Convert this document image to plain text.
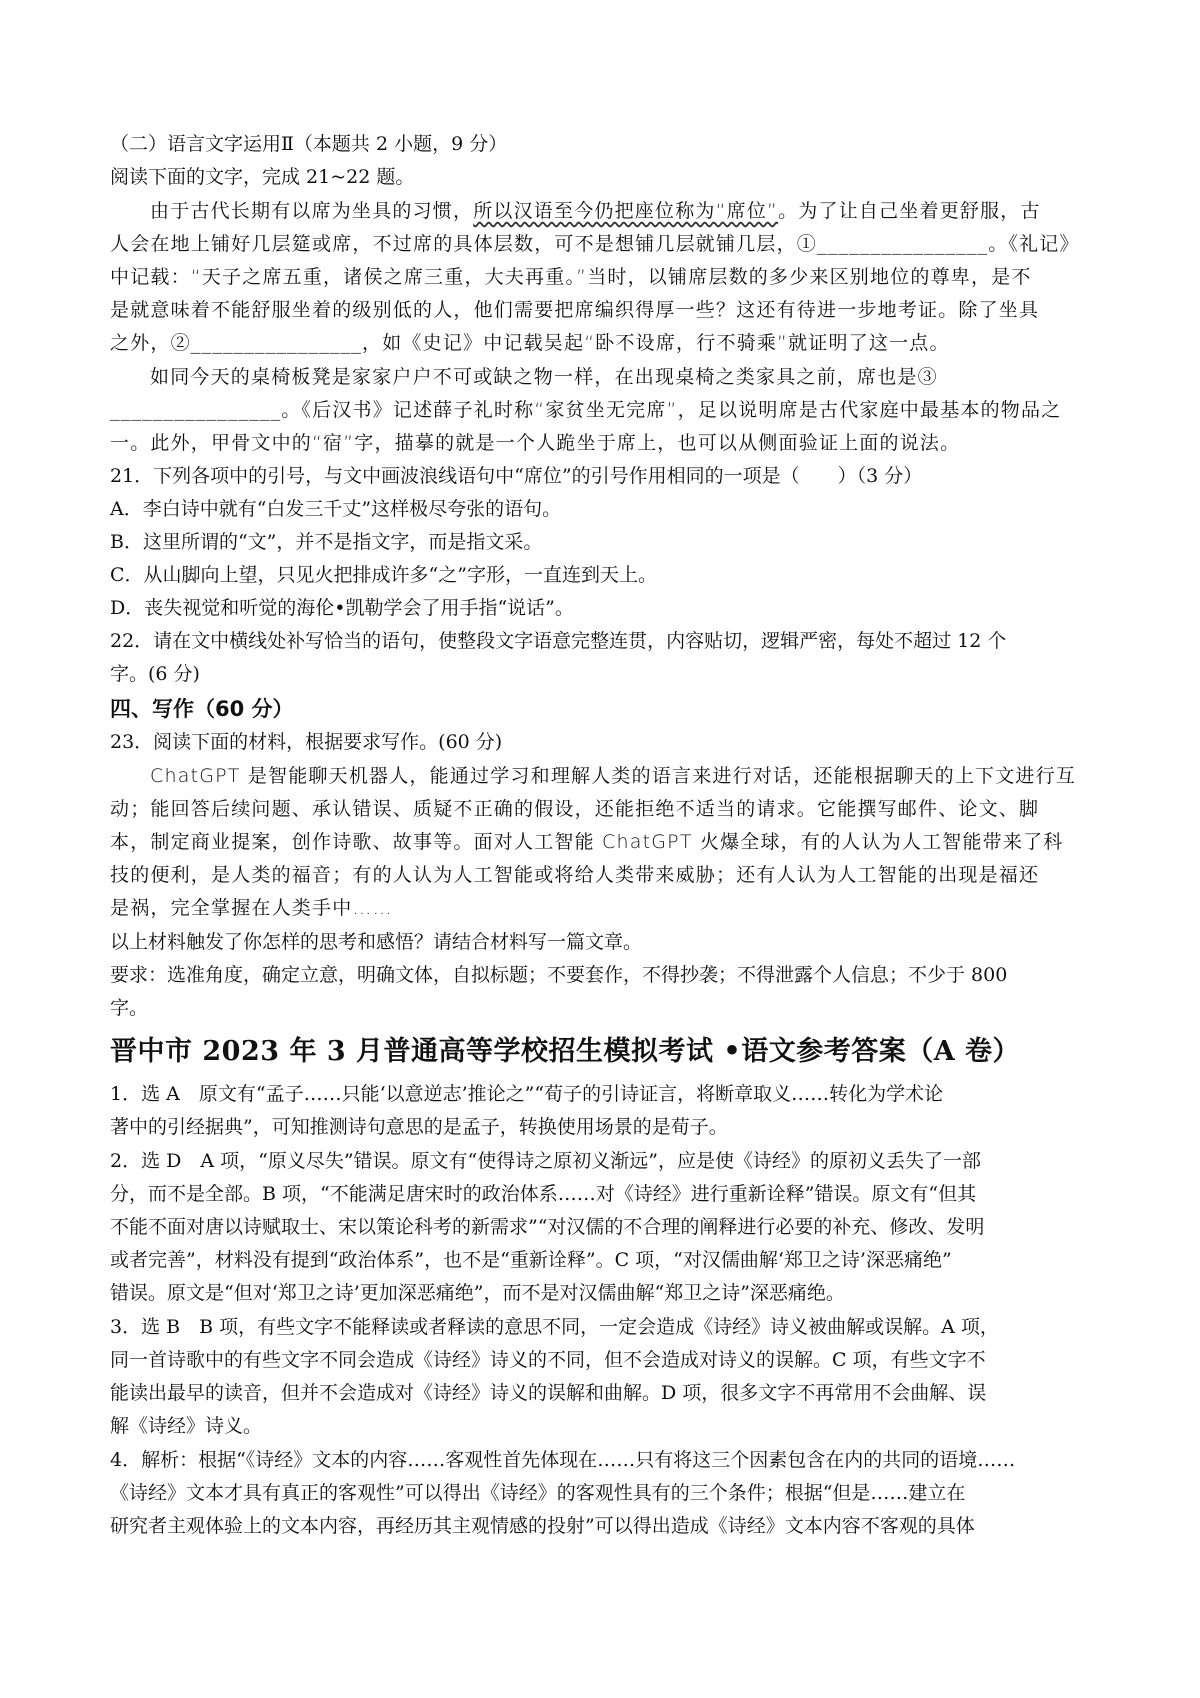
（二）语言文字运用Ⅱ（本题共 2 小题，9 分）
阅读下面的文字，完成 21~22 题。
由于古代长期有以席为坐具的习惯，所以汉语至今仍把座位称为“席位”。为了让自己坐着更舒服，古
人会在地上铺好几层筵或席，不过席的具体层数，可不是想铺几层就铺几层，①________________。《礼记》
中记载：“天子之席五重，诸侯之席三重，大夫再重。”当时，以铺席层数的多少来区别地位的尊卑，是不
是就意味着不能舒服坐着的级别低的人，他们需要把席编织得厚一些？这还有待进一步地考证。除了坐具
之外，②________________，如《史记》中记载吴起“卧不设席，行不骑乘”就证明了这一点。
如同今天的桌椅板凳是家家户户不可或缺之物一样，在出现桌椅之类家具之前，席也是③
________________。《后汉书》记述薛子礼时称“家贫坐无完席”，足以说明席是古代家庭中最基本的物品之
一。此外，甲骨文中的“宿”字，描摹的就是一个人跪坐于席上，也可以从侧面验证上面的说法。
21．下列各项中的引号，与文中画波浪线语句中“席位”的引号作用相同的一项是（　　）（3 分）
A．李白诗中就有“白发三千丈”这样极尽夸张的语句。
B．这里所谓的“文”，并不是指文字，而是指文采。
C．从山脚向上望，只见火把排成许多“之”字形，一直连到天上。
D．丧失视觉和听觉的海伦•凯勒学会了用手指“说话”。
22．请在文中横线处补写恰当的语句，使整段文字语意完整连贯，内容贴切，逻辑严密，每处不超过 12 个
字。(6 分)
四、写作（60 分）
23．阅读下面的材料，根据要求写作。(60 分)
ChatGPT 是智能聊天机器人，能通过学习和理解人类的语言来进行对话，还能根据聊天的上下文进行互
动；能回答后续问题、承认错误、质疑不正确的假设，还能拒绝不适当的请求。它能撰写邮件、论文、脚
本，制定商业提案，创作诗歌、故事等。面对人工智能 ChatGPT 火爆全球，有的人认为人工智能带来了科
技的便利，是人类的福音；有的人认为人工智能或将给人类带来威胁；还有人认为人工智能的出现是福还
是祸，完全掌握在人类手中……
以上材料触发了你怎样的思考和感悟？请结合材料写一篇文章。
要求：选准角度，确定立意，明确文体，自拟标题；不要套作，不得抄袭；不得泄露个人信息；不少于 800
字。
晋中市 2023 年 3 月普通高等学校招生模拟考试 •语文参考答案（A 卷）
1．选 A　原文有“孟子……只能‘以意逆志’推论之”“荀子的引诗证言，将断章取义……转化为学术论
著中的引经据典”，可知推测诗句意思的是孟子，转换使用场景的是荀子。
2．选 D　A 项，“原义尽失”错误。原文有“使得诗之原初义渐远”，应是使《诗经》的原初义丢失了一部
分，而不是全部。B 项，“不能满足唐宋时的政治体系……对《诗经》进行重新诠释”错误。原文有“但其
不能不面对唐以诗赋取士、宋以策论科考的新需求”“对汉儒的不合理的阐释进行必要的补充、修改、发明
或者完善”，材料没有提到“政治体系”，也不是“重新诠释”。C 项，“对汉儒曲解‘郑卫之诗’深恶痛绝”
错误。原文是“但对‘郑卫之诗’更加深恶痛绝”，而不是对汉儒曲解“郑卫之诗”深恶痛绝。
3．选 B　B 项，有些文字不能释读或者释读的意思不同，一定会造成《诗经》诗义被曲解或误解。A 项，
同一首诗歌中的有些文字不同会造成《诗经》诗义的不同，但不会造成对诗义的误解。C 项，有些文字不
能读出最早的读音，但并不会造成对《诗经》诗义的误解和曲解。D 项，很多文字不再常用不会曲解、误
解《诗经》诗义。
4．解析：根据“《诗经》文本的内容……客观性首先体现在……只有将这三个因素包含在内的共同的语境……
《诗经》文本才具有真正的客观性”可以得出《诗经》的客观性具有的三个条件；根据“但是……建立在
研究者主观体验上的文本内容，再经历其主观情感的投射”可以得出造成《诗经》文本内容不客观的具体
